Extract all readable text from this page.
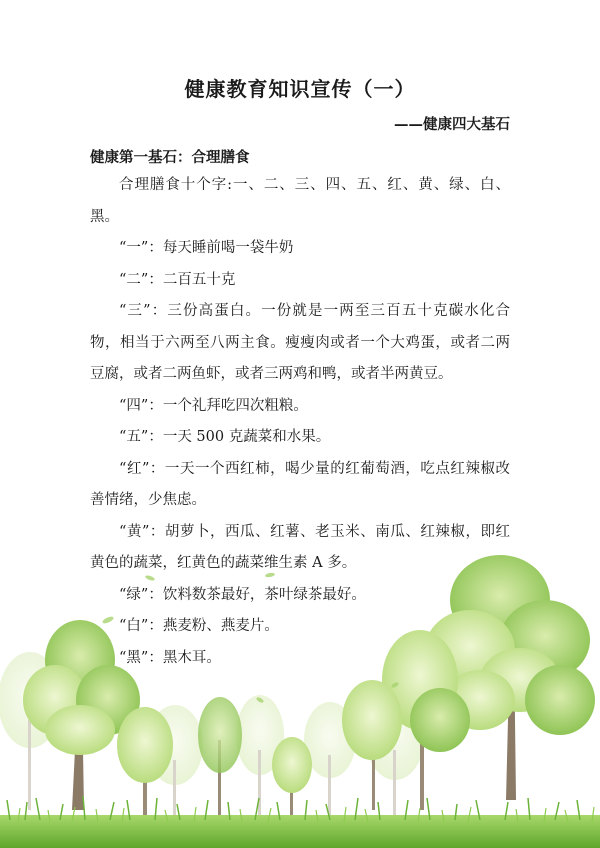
健康教育知识宣传（一）
——健康四大基石
健康第一基石：合理膳食

合理膳食十个字:一、二、三、四、五、红、黄、绿、白、黑。

“一”：每天睡前喝一袋牛奶

“二”：二百五十克

“三”：三份高蛋白。一份就是一两至三百五十克碳水化合物，相当于六两至八两主食。瘦瘦肉或者一个大鸡蛋，或者二两豆腐，或者二两鱼虾，或者三两鸡和鸭，或者半两黄豆。

“四”：一个礼拜吃四次粗粮。

“五”：一天 500 克蔬菜和水果。

“红”：一天一个西红柿，喝少量的红葡萄酒，吃点红辣椒改善情绪，少焦虑。

“黄”：胡萝卜，西瓜、红薯、老玉米、南瓜、红辣椒，即红黄色的蔬菜，红黄色的蔬菜维生素 A 多。

“绿”：饮料数茶最好，茶叶绿茶最好。

“白”：燕麦粉、燕麦片。

“黑”：黑木耳。
